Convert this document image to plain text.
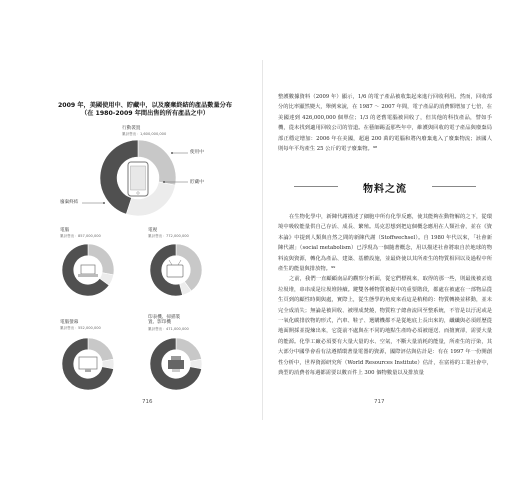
2009 年，美國使用中、貯藏中，以及廢棄終結的產品數量分布
（在 1980-2009 年間出售的所有產品之中）
行動裝置
累計售出：1,600,000,000
使用中
貯藏中
廢棄終結
電腦
累計售出：857,000,000
電視
累計售出：772,000,000
電腦螢幕
累計售出：552,000,000
印表機、掃描裝置、影印機
累計售出：471,000,000
716

整護數據資料（2009 年）顯示，1/6 的電子產品被收集起來進行回收利用。然而，回收部分的比率顯然變大，舉例來說，在 1987 ～ 2007 年間，電子產品的消費額增加了七倍，在美國達到 426,000,000 個單位；1/3 的老舊電腦被回收了，但其他的科技產品，譬如手機，從未找到適用回收公司的管道。在藝師踢盃那些年中，維護與回收的電子產品與廢棄局部正穩定增加：2006 年在美國，超過 200 萬的電腦和將內廢棄進入了廢棄物流；該國人則每年平均產生 25 公斤的電子廢棄物。⁹⁸

物料之流

在生物化學中，新陳代謝描述了細胞中所有化學反應，使其能夠在動物解的之下，從環境中吸收能量供自己存活、成長、繁殖。馬克思想到把這個概念應用在人類社會，並在《資本論》中提到人類與自然之間的新陳代謝（Stoffwechsel）。自 1980 年代以來，「社會新陳代謝」（social metabolism）已浮現為一個隨著概念，用以描述社會將取自於地球的物料流與資源，轉化為產品、建築、基體設施，並最終使以其所產生的物質相回以及過程中所產生的能量與排放物。⁹⁹

之前，我們一直顧顧南品的觀察分析面，從它們標視來，取得的那一些，則最後被丟進垃圾堆，串串成是垃圾堆陸續。鍵雙各種物質被捉中的重要階段，都處在被處在一部物品從生頁到的顧性時間與處，實際上，從生態學的角度來看這是稍稍的：物質轉換並移動，並未完全成消失；無論是被回收、被埋成焚燒，物質粒子總會流回至整系統，不管是以汙泥或是一氧化碳排放物的形式，汽車、鞋子、選購機都不是從地底上長出來的，纖纖與必須經歷從地面開採並提煉出來，它從前不處與在不同的地點生產時必須被運送、而擅實卻，需要大量的能源。化學工廠必須要有大量大量的水、空氣，不斷大量消耗的能量，所產生的汙染，其大部分中國學會看有法遵循環著量電器的資源，國際評估與估計是：有在 1997 年一份開創性分析中，世界資源研究所（World Resources Institute）估計，在富裕的工業社會中，典型的消費者每週都需要以數百件上 300 個物數量以及排放量

717
